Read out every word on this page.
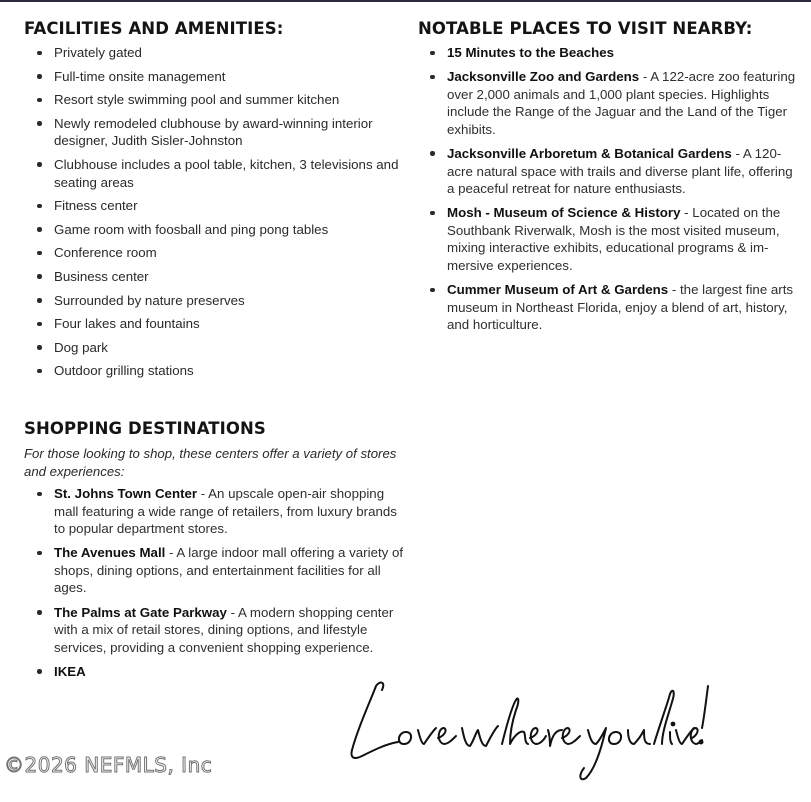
FACILITIES AND AMENITIES:
Privately gated
Full-time onsite management
Resort style swimming pool and summer kitchen
Newly remodeled clubhouse by award-winning interior designer, Judith Sisler-Johnston
Clubhouse includes a pool table, kitchen, 3 televisions and seating areas
Fitness center
Game room with foosball and ping pong tables
Conference room
Business center
Surrounded by nature preserves
Four lakes and fountains
Dog park
Outdoor grilling stations
NOTABLE PLACES TO VISIT NEARBY:
15 Minutes to the Beaches
Jacksonville Zoo and Gardens - A 122-acre zoo featuring over 2,000 animals and 1,000 plant species. Highlights include the Range of the Jaguar and the Land of the Tiger exhibits.
Jacksonville Arboretum & Botanical Gardens - A 120-acre natural space with trails and diverse plant life, offering a peaceful retreat for nature enthusiasts.
Mosh - Museum of Science & History - Located on the Southbank Riverwalk, Mosh is the most visited museum, mixing interactive exhibits, educational programs & im-mersive experiences.
Cummer Museum of Art & Gardens - the largest fine arts museum in Northeast Florida, enjoy a blend of art, history, and horticulture.
SHOPPING DESTINATIONS
For those looking to shop, these centers offer a variety of stores and experiences:
St. Johns Town Center - An upscale open-air shopping mall featuring a wide range of retailers, from luxury brands to popular department stores.
The Avenues Mall - A large indoor mall offering a variety of shops, dining options, and entertainment facilities for all ages.
The Palms at Gate Parkway - A modern shopping center with a mix of retail stores, dining options, and lifestyle services, providing a convenient shopping experience.
IKEA
©2026 NEFMLS, Inc
